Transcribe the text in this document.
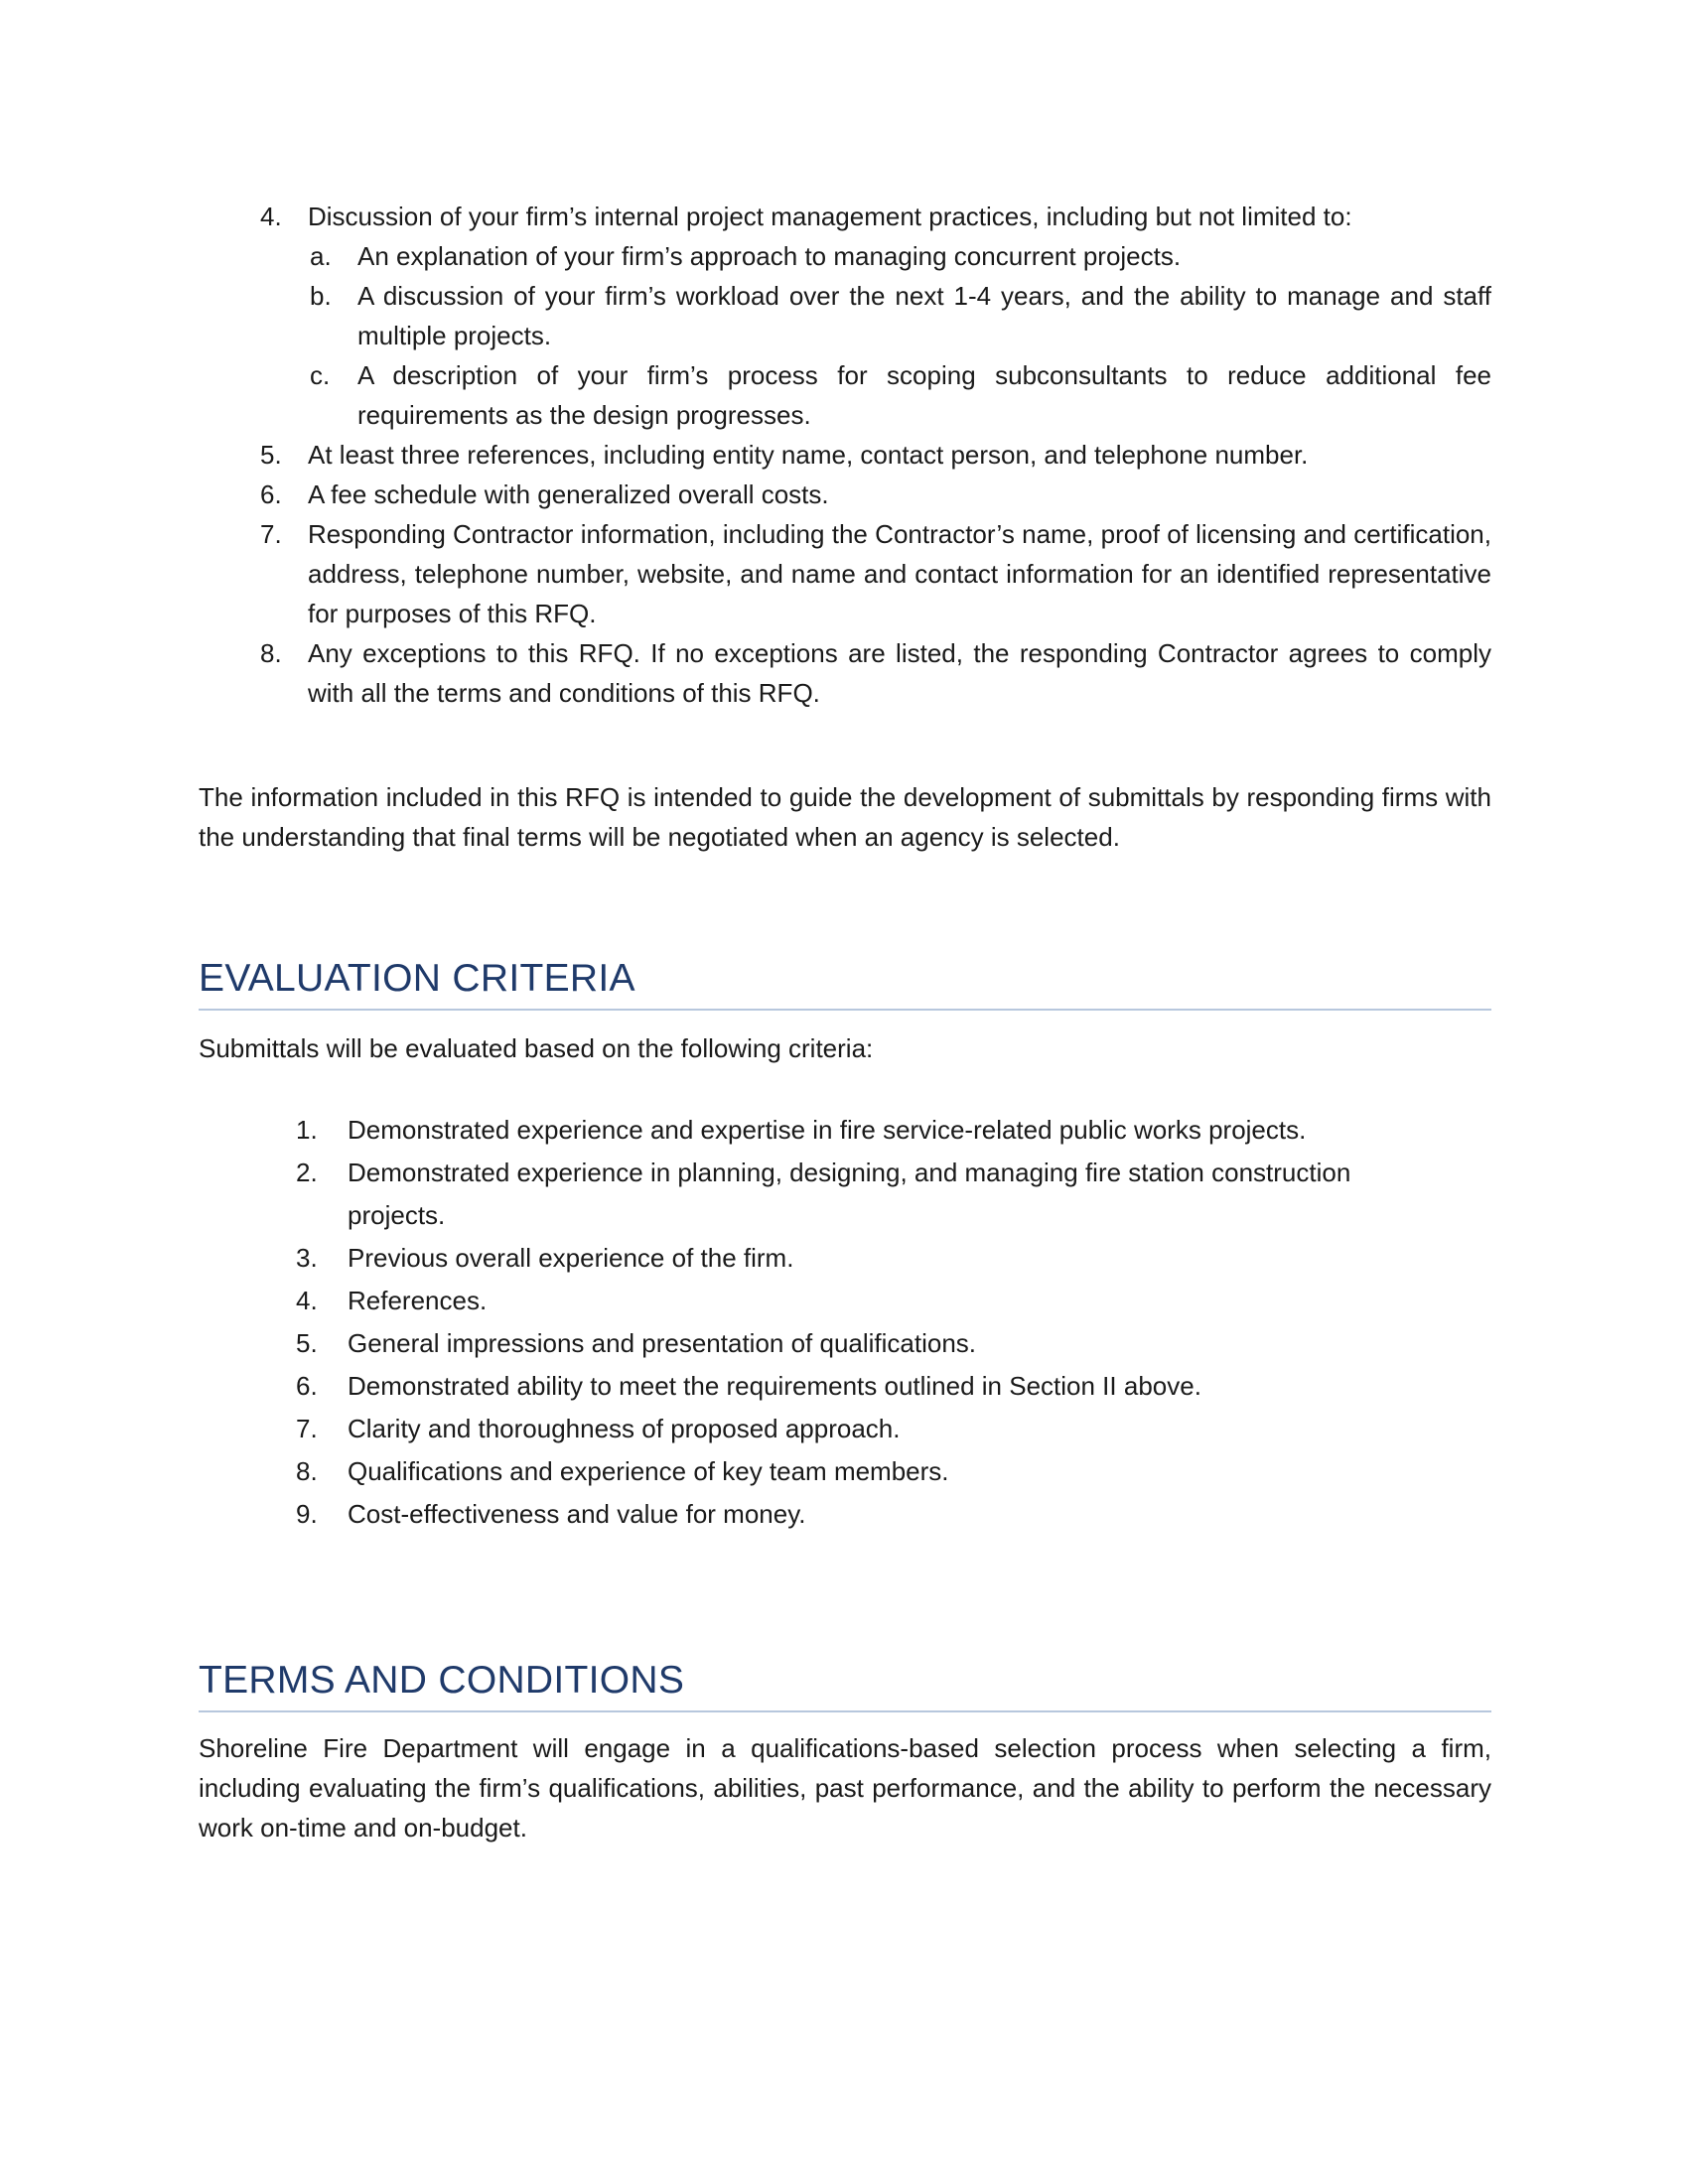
4. Discussion of your firm’s internal project management practices, including but not limited to:
a. An explanation of your firm’s approach to managing concurrent projects.
b. A discussion of your firm’s workload over the next 1-4 years, and the ability to manage and staff multiple projects.
c. A description of your firm’s process for scoping subconsultants to reduce additional fee requirements as the design progresses.
5. At least three references, including entity name, contact person, and telephone number.
6. A fee schedule with generalized overall costs.
7. Responding Contractor information, including the Contractor’s name, proof of licensing and certification, address, telephone number, website, and name and contact information for an identified representative for purposes of this RFQ.
8. Any exceptions to this RFQ. If no exceptions are listed, the responding Contractor agrees to comply with all the terms and conditions of this RFQ.

The information included in this RFQ is intended to guide the development of submittals by responding firms with the understanding that final terms will be negotiated when an agency is selected.

EVALUATION CRITERIA

Submittals will be evaluated based on the following criteria:

1. Demonstrated experience and expertise in fire service-related public works projects.
2. Demonstrated experience in planning, designing, and managing fire station construction projects.
3. Previous overall experience of the firm.
4. References.
5. General impressions and presentation of qualifications.
6. Demonstrated ability to meet the requirements outlined in Section II above.
7. Clarity and thoroughness of proposed approach.
8. Qualifications and experience of key team members.
9. Cost-effectiveness and value for money.
TERMS AND CONDITIONS

Shoreline Fire Department will engage in a qualifications-based selection process when selecting a firm, including evaluating the firm’s qualifications, abilities, past performance, and the ability to perform the necessary work on-time and on-budget.
